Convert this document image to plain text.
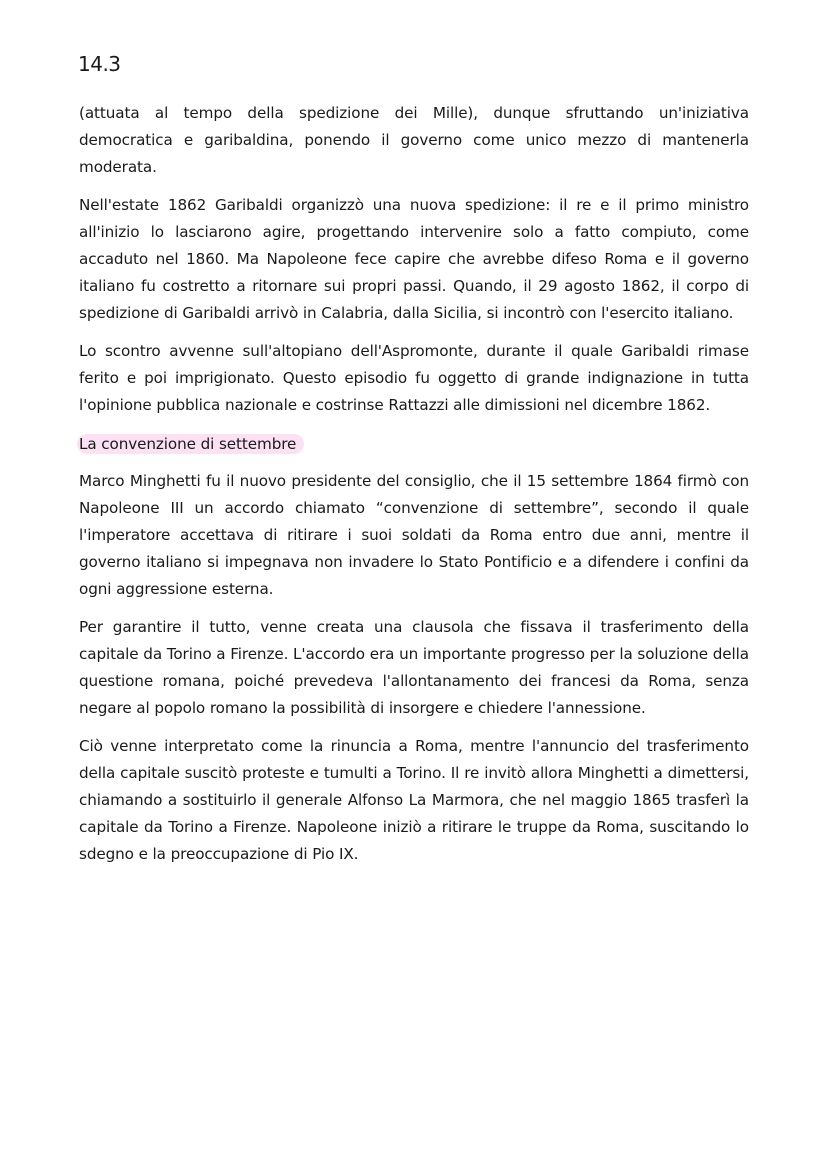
14.3

(attuata al tempo della spedizione dei Mille), dunque sfruttando un'iniziativa democratica e garibaldina, ponendo il governo come unico mezzo di mantenerla moderata.

Nell'estate 1862 Garibaldi organizzò una nuova spedizione: il re e il primo ministro all'inizio lo lasciarono agire, progettando intervenire solo a fatto compiuto, come accaduto nel 1860. Ma Napoleone fece capire che avrebbe difeso Roma e il governo italiano fu costretto a ritornare sui propri passi. Quando, il 29 agosto 1862, il corpo di spedizione di Garibaldi arrivò in Calabria, dalla Sicilia, si incontrò con l'esercito italiano.

Lo scontro avvenne sull'altopiano dell'Aspromonte, durante il quale Garibaldi rimase ferito e poi imprigionato. Questo episodio fu oggetto di grande indignazione in tutta l'opinione pubblica nazionale e costrinse Rattazzi alle dimissioni nel dicembre 1862.

La convenzione di settembre

Marco Minghetti fu il nuovo presidente del consiglio, che il 15 settembre 1864 firmò con Napoleone III un accordo chiamato “convenzione di settembre”, secondo il quale l'imperatore accettava di ritirare i suoi soldati da Roma entro due anni, mentre il governo italiano si impegnava non invadere lo Stato Pontificio e a difendere i confini da ogni aggressione esterna.

Per garantire il tutto, venne creata una clausola che fissava il trasferimento della capitale da Torino a Firenze. L'accordo era un importante progresso per la soluzione della questione romana, poiché prevedeva l'allontanamento dei francesi da Roma, senza negare al popolo romano la possibilità di insorgere e chiedere l'annessione.

Ciò venne interpretato come la rinuncia a Roma, mentre l'annuncio del trasferimento della capitale suscitò proteste e tumulti a Torino. Il re invitò allora Minghetti a dimettersi, chiamando a sostituirlo il generale Alfonso La Marmora, che nel maggio 1865 trasferì la capitale da Torino a Firenze. Napoleone iniziò a ritirare le truppe da Roma, suscitando lo sdegno e la preoccupazione di Pio IX.
